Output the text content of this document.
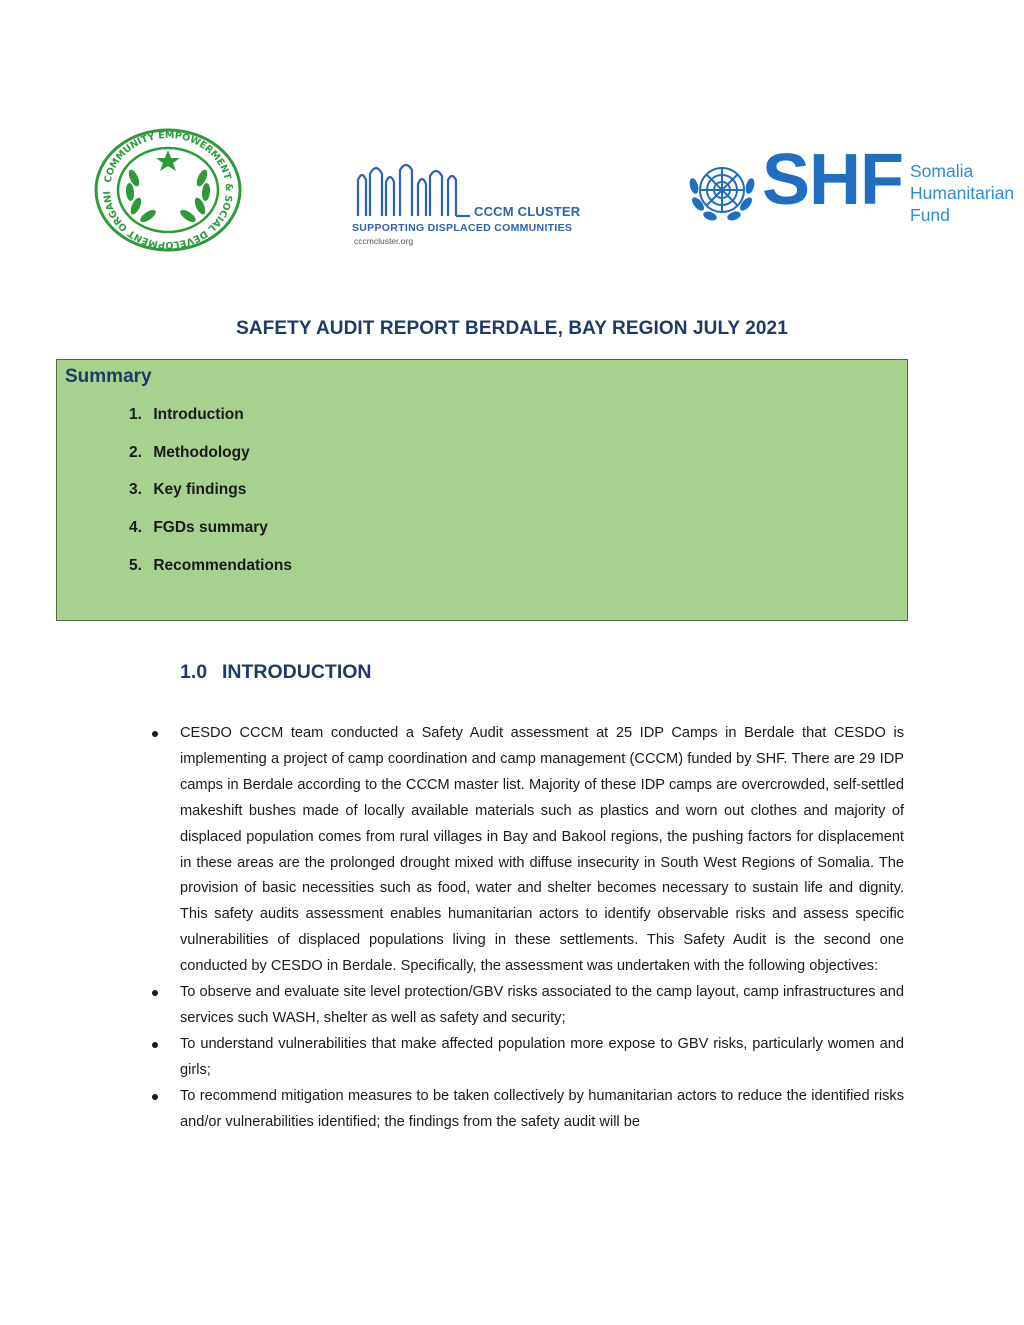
COMMUNITY EMPOWERMENT & SOCIAL DEVELOPMENT ORGANI
CCCM CLUSTER
SUPPORTING DISPLACED COMMUNITIES
cccmcluster.org
SHF Somalia
Humanitarian
Fund
SAFETY AUDIT REPORT BERDALE, BAY REGION JULY 2021
Summary
1. Introduction
2. Methodology
3. Key findings
4. FGDs summary
5. Recommendations
1.0 INTRODUCTION

CESDO CCCM team conducted a Safety Audit assessment at 25 IDP Camps in Berdale that CESDO is implementing a project of camp coordination and camp management (CCCM) funded by SHF. There are 29 IDP camps in Berdale according to the CCCM master list. Majority of these IDP camps are overcrowded, self-settled makeshift bushes made of locally available materials such as plastics and worn out clothes and majority of displaced population comes from rural villages in Bay and Bakool regions, the pushing factors for displacement in these areas are the prolonged drought mixed with diffuse insecurity in South West Regions of Somalia. The provision of basic necessities such as food, water and shelter becomes necessary to sustain life and dignity. This safety audits assessment enables humanitarian actors to identify observable risks and assess specific vulnerabilities of displaced populations living in these settlements. This Safety Audit is the second one conducted by CESDO in Berdale. Specifically, the assessment was undertaken with the following objectives:

To observe and evaluate site level protection/GBV risks associated to the camp layout, camp infrastructures and services such WASH, shelter as well as safety and security;

To understand vulnerabilities that make affected population more expose to GBV risks, particularly women and girls;

To recommend mitigation measures to be taken collectively by humanitarian actors to reduce the identified risks and/or vulnerabilities identified; the findings from the safety audit will be
